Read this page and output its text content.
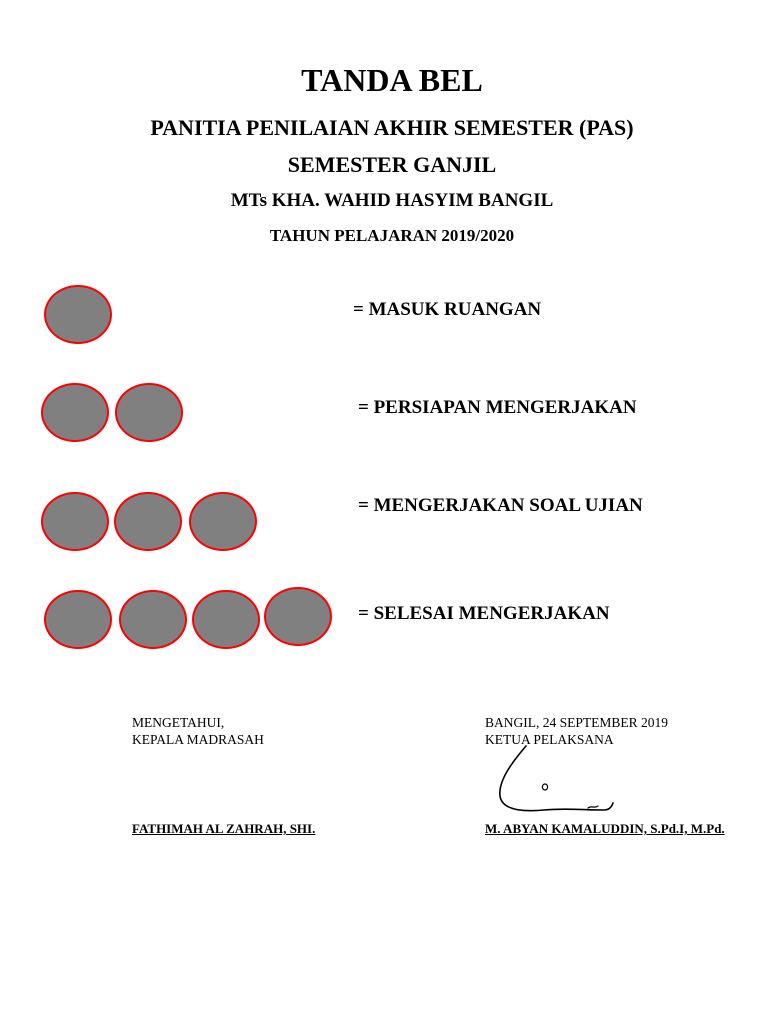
TANDA BEL
PANITIA PENILAIAN AKHIR SEMESTER (PAS)
SEMESTER GANJIL
MTs KHA. WAHID HASYIM BANGIL
TAHUN PELAJARAN 2019/2020
= MASUK RUANGAN
= PERSIAPAN MENGERJAKAN
= MENGERJAKAN SOAL UJIAN
= SELESAI MENGERJAKAN
MENGETAHUI,
KEPALA MADRASAH
FATHIMAH AL ZAHRAH, SHI.
BANGIL, 24 SEPTEMBER 2019
KETUA PELAKSANA
M. ABYAN KAMALUDDIN, S.Pd.I, M.Pd.
